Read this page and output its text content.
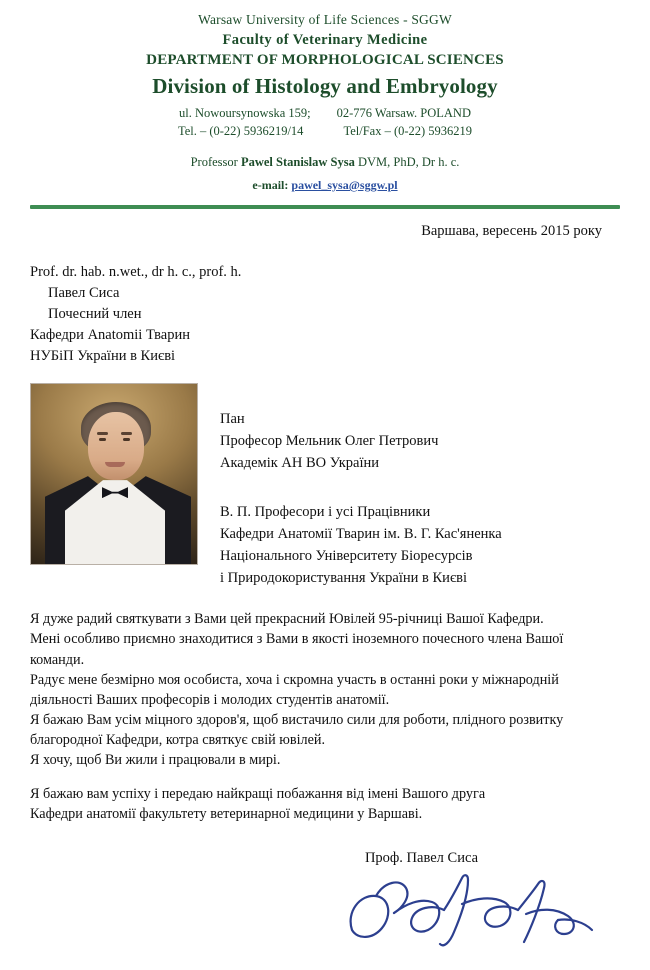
Warsaw University of Life Sciences - SGGW
Faculty of Veterinary Medicine
DEPARTMENT OF MORPHOLOGICAL SCIENCES
Division of Histology and Embryology
ul. Nowoursynowska 159; 02-776 Warsaw. POLAND
Tel. – (0-22) 5936219/14	Tel/Fax – (0-22) 5936219
Professor Pawel Stanislaw Sysa DVM, PhD, Dr h. c.
e-mail: pawel_sysa@sggw.pl
Варшава, вересень 2015 року
Prof. dr. hab. n.wet., dr h. c., prof. h.
Павел Сиса
Почесний член
Кафедри Anatomii Тварин
НУБіП України в Києві
Пан
Професор Мельник Олег Петрович
Академік АН ВО України
В. П. Професори і усі Працівники
Кафедри Анатомії Тварин ім. В. Г. Кас'яненка
Національного Університету Біоресурсів
і Природокористування України в Києві

Я дуже радий святкувати з Вами цей прекрасний Ювілей 95-річниці Вашої Кафедри.
Мені особливо приємно знаходитися з Вами в якості іноземного почесного члена Вашої
команди.

Радує мене безмірно моя особиста, хоча і скромна участь в останні роки у міжнародній
діяльності Ваших професорів і молодих студентів анатомії.

Я бажаю Вам усім міцного здоров'я, щоб вистачило сили для роботи, плідного розвитку
благородної Кафедри, котра святкує свій ювілей.

Я хочу, щоб Ви жили і працювали в мирі.

Я бажаю вам успіху і передаю найкращі побажання від імені Вашого друга
Кафедри анатомії факультету ветеринарної медицини у Варшаві.

Проф. Павел Сиса
